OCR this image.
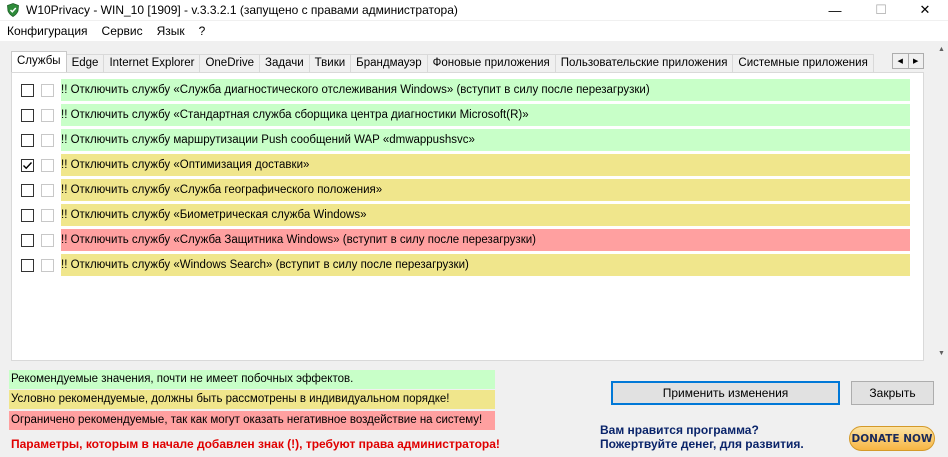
W10Privacy - WIN_10 [1909] - v.3.3.2.1 (запущено с правами администратора)	—	☐	✕
Конфигурация	Сервис	Язык	?
Службы Edge Internet Explorer OneDrive Задачи Твики Брандмауэр Фоновые приложения Пользовательские приложения Системные приложения	◀	▶
!! Отключить службу «Служба диагностического отслеживания Windows» (вступит в силу после перезагрузки)
!! Отключить службу «Стандартная служба сборщика центра диагностики Microsoft(R)»
!! Отключить службу маршрутизации Push сообщений WAP «dmwappushsvc»
!! Отключить службу «Оптимизация доставки»
!! Отключить службу «Служба географического положения»
!! Отключить службу «Биометрическая служба Windows»
!! Отключить службу «Служба Защитника Windows» (вступит в силу после перезагрузки)
!! Отключить службу «Windows Search» (вступит в силу после перезагрузки)
▲
▼
Рекомендуемые значения, почти не имеет побочных эффектов.
Условно рекомендуемые, должны быть рассмотрены в индивидуальном порядке!
Ограничено рекомендуемые, так как могут оказать негативное воздействие на систему!
Параметры, которым в начале добавлен знак (!), требуют права администратора!
Применить изменения	Закрыть
Вам нравится программа?
Пожертвуйте денег, для развития.	DONATE NOW
